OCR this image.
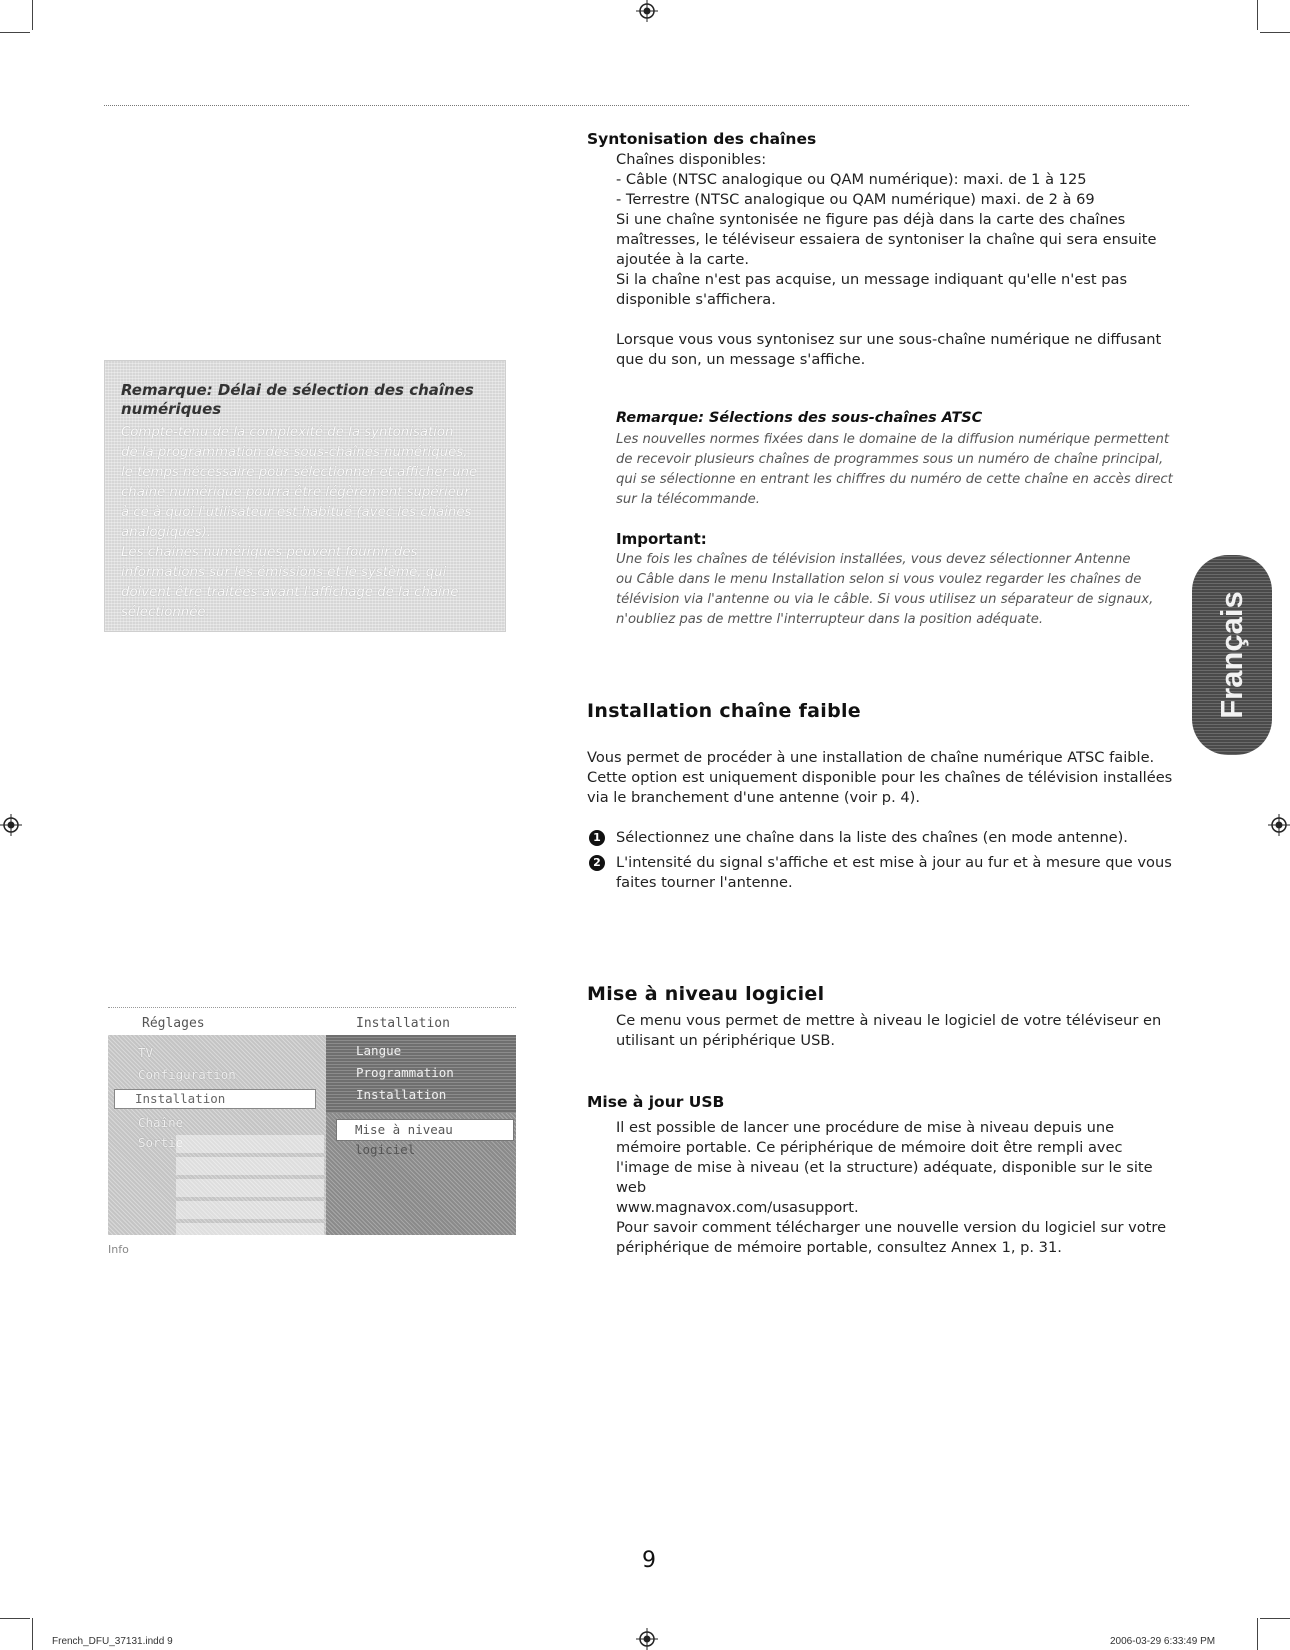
Syntonisation des chaînes

Chaînes disponibles:

- Câble (NTSC analogique ou QAM numérique): maxi. de 1 à 125

- Terrestre (NTSC analogique ou QAM numérique) maxi. de 2 à 69

Si une chaîne syntonisée ne figure pas déjà dans la carte des chaînes

maîtresses, le téléviseur essaiera de syntoniser la chaîne qui sera ensuite

ajoutée à la carte.

Si la chaîne n'est pas acquise, un message indiquant qu'elle n'est pas

disponible s'affichera.

Lorsque vous vous syntonisez sur une sous-chaîne numérique ne diffusant

que du son, un message s'affiche.

Remarque: Sélections des sous-chaînes ATSC
Les nouvelles normes fixées dans le domaine de la diffusion numérique permettent
de recevoir plusieurs chaînes de programmes sous un numéro de chaîne principal,
qui se sélectionne en entrant les chiffres du numéro de cette chaîne en accès direct
sur la télécommande.
Important:
Une fois les chaînes de télévision installées, vous devez sélectionner Antenne
ou Câble dans le menu Installation selon si vous voulez regarder les chaînes de
télévision via l'antenne ou via le câble. Si vous utilisez un séparateur de signaux,
n'oubliez pas de mettre l'interrupteur dans la position adéquate.
Remarque: Délai de sélection des chaînes numériques

Compte-tenu de la complexité de la syntonisation

de la programmation des sous-chaînes numériques,

le temps nécessaire pour sélectionner et afficher une

chaîne numérique pourra être légèrement supérieur

à ce à quoi l'utilisateur est habitué (avec les chaînes

analogiques).

Les chaînes numériques peuvent fournir des

informations sur les émissions et le système, qui

doivent être traitées avant l'affichage de la chaîne

sélectionnée.

Installation chaîne faible

Vous permet de procéder à une installation de chaîne numérique ATSC faible.

Cette option est uniquement disponible pour les chaînes de télévision installées

via le branchement d'une antenne (voir p. 4).

1 Sélectionnez une chaîne dans la liste des chaînes (en mode antenne).

2 L'intensité du signal s'affiche et est mise à jour au fur et à mesure que vous

faites tourner l'antenne.

Mise à niveau logiciel

Ce menu vous permet de mettre à niveau le logiciel de votre téléviseur en

utilisant un périphérique USB.

Mise à jour USB

Il est possible de lancer une procédure de mise à niveau depuis une

mémoire portable. Ce périphérique de mémoire doit être rempli avec

l'image de mise à niveau (et la structure) adéquate, disponible sur le site web

www.magnavox.com/usasupport.

Pour savoir comment télécharger une nouvelle version du logiciel sur votre

périphérique de mémoire portable, consultez Annex 1, p. 31.

Réglages	Installation
TV
Configuration
Installation
Chaîne
Sortie
Langue
Programmation
Installation
Mise à niveau logiciel
Info
Français
9
French_DFU_37131.indd 9	2006-03-29 6:33:49 PM
